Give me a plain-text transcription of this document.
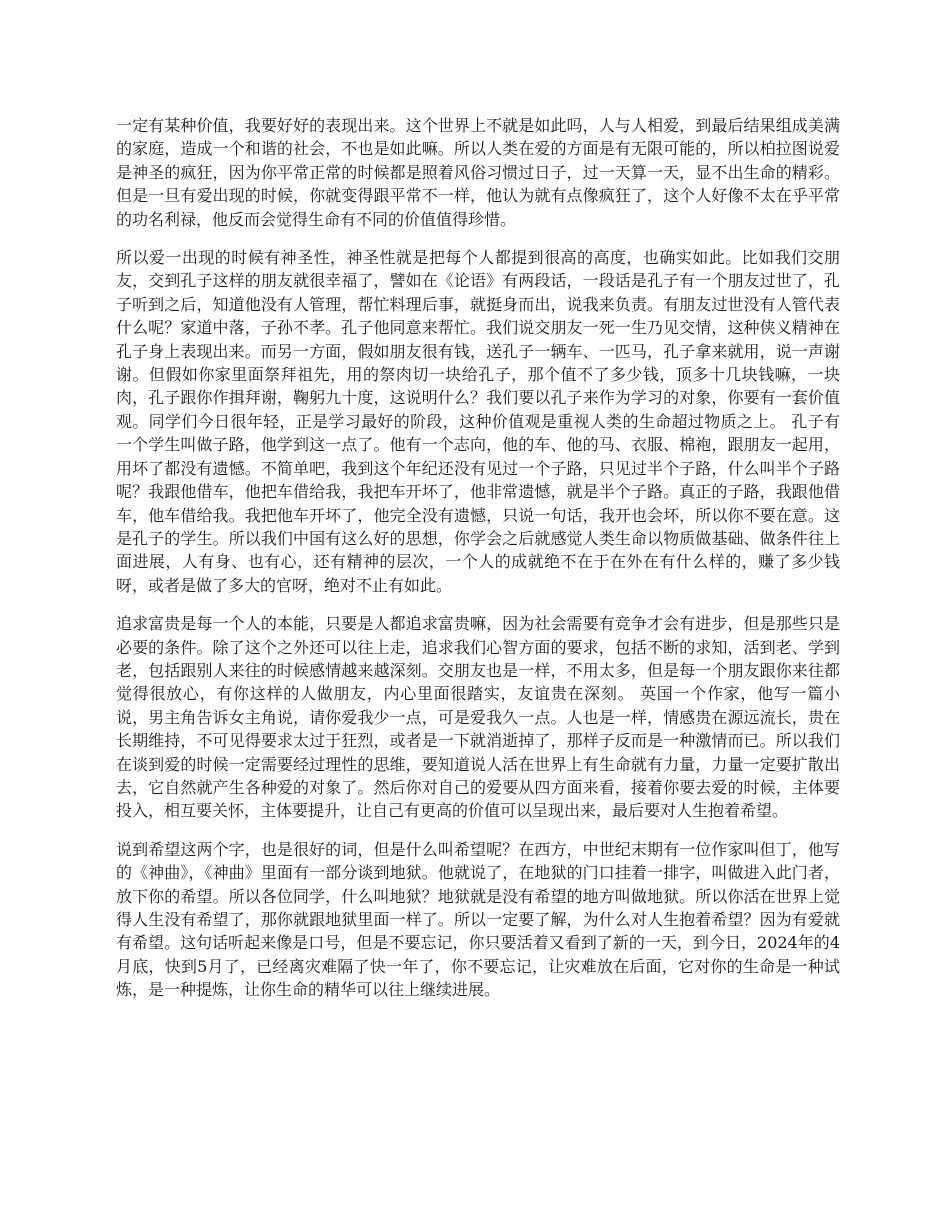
一定有某种价值，我要好好的表现出来。这个世界上不就是如此吗，人与人相爱，到最后结果组成美满的家庭，造成一个和谐的社会，不也是如此嘛。所以人类在爱的方面是有无限可能的，所以柏拉图说爱是神圣的疯狂，因为你平常正常的时候都是照着风俗习惯过日子，过一天算一天，显不出生命的精彩。但是一旦有爱出现的时候，你就变得跟平常不一样，他认为就有点像疯狂了，这个人好像不太在乎平常的功名利禄，他反而会觉得生命有不同的价值值得珍惜。

所以爱一出现的时候有神圣性，神圣性就是把每个人都提到很高的高度，也确实如此。比如我们交朋友，交到孔子这样的朋友就很幸福了，譬如在《论语》有两段话，一段话是孔子有一个朋友过世了，孔子听到之后，知道他没有人管理，帮忙料理后事，就挺身而出，说我来负责。有朋友过世没有人管代表什么呢？家道中落，子孙不孝。孔子他同意来帮忙。我们说交朋友一死一生乃见交情，这种侠义精神在孔子身上表现出来。而另一方面，假如朋友很有钱，送孔子一辆车、一匹马，孔子拿来就用，说一声谢谢。但假如你家里面祭拜祖先，用的祭肉切一块给孔子，那个值不了多少钱，顶多十几块钱嘛，一块肉，孔子跟你作揖拜谢，鞠躬九十度，这说明什么？我们要以孔子来作为学习的对象，你要有一套价值观。同学们今日很年轻，正是学习最好的阶段，这种价值观是重视人类的生命超过物质之上。 孔子有一个学生叫做子路，他学到这一点了。他有一个志向，他的车、他的马、衣服、棉袍，跟朋友一起用，用坏了都没有遗憾。不简单吧，我到这个年纪还没有见过一个子路，只见过半个子路，什么叫半个子路呢？我跟他借车，他把车借给我，我把车开坏了，他非常遗憾，就是半个子路。真正的子路，我跟他借车，他车借给我。我把他车开坏了，他完全没有遗憾，只说一句话，我开也会坏，所以你不要在意。这是孔子的学生。所以我们中国有这么好的思想，你学会之后就感觉人类生命以物质做基础、做条件往上面进展，人有身、也有心，还有精神的层次，一个人的成就绝不在于在外在有什么样的，赚了多少钱呀，或者是做了多大的官呀，绝对不止有如此。

追求富贵是每一个人的本能，只要是人都追求富贵嘛，因为社会需要有竞争才会有进步，但是那些只是必要的条件。除了这个之外还可以往上走，追求我们心智方面的要求，包括不断的求知，活到老、学到老，包括跟别人来往的时候感情越来越深刻。交朋友也是一样，不用太多，但是每一个朋友跟你来往都觉得很放心，有你这样的人做朋友，内心里面很踏实，友谊贵在深刻。 英国一个作家，他写一篇小说，男主角告诉女主角说，请你爱我少一点，可是爱我久一点。人也是一样，情感贵在源远流长，贵在长期维持，不可见得要求太过于狂烈，或者是一下就消逝掉了，那样子反而是一种激情而已。所以我们在谈到爱的时候一定需要经过理性的思维，要知道说人活在世界上有生命就有力量，力量一定要扩散出去，它自然就产生各种爱的对象了。然后你对自己的爱要从四方面来看，接着你要去爱的时候，主体要投入，相互要关怀，主体要提升，让自己有更高的价值可以呈现出来，最后要对人生抱着希望。

说到希望这两个字，也是很好的词，但是什么叫希望呢？在西方，中世纪末期有一位作家叫但丁，他写的《神曲》，《神曲》里面有一部分谈到地狱。他就说了，在地狱的门口挂着一排字，叫做进入此门者，放下你的希望。所以各位同学，什么叫地狱？地狱就是没有希望的地方叫做地狱。所以你活在世界上觉得人生没有希望了，那你就跟地狱里面一样了。所以一定要了解，为什么对人生抱着希望？因为有爱就有希望。这句话听起来像是口号，但是不要忘记，你只要活着又看到了新的一天，到今日，2024年的4月底，快到5月了，已经离灾难隔了快一年了，你不要忘记，让灾难放在后面，它对你的生命是一种试炼，是一种提炼，让你生命的精华可以往上继续进展。
